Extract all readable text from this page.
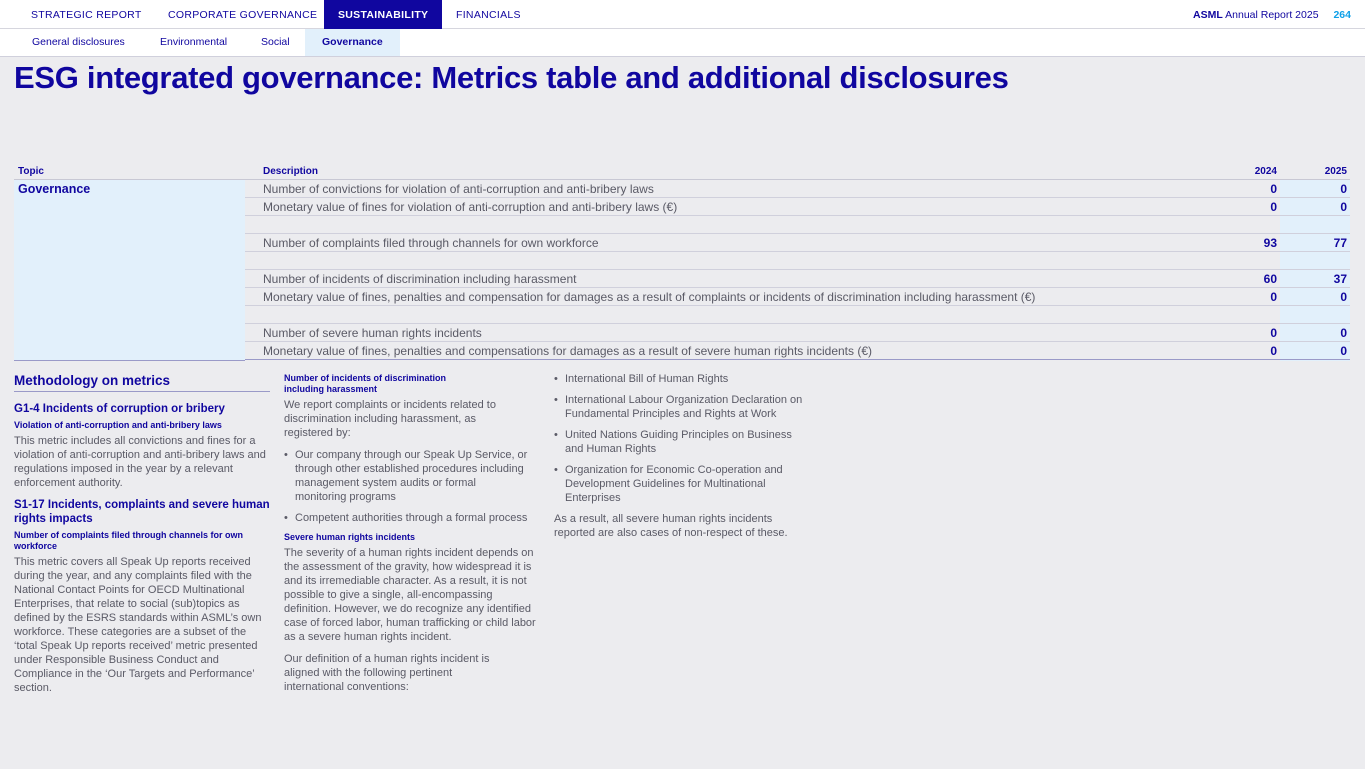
STRATEGIC REPORT	CORPORATE GOVERNANCE	SUSTAINABILITY	FINANCIALS	ASML Annual Report 2025 264
General disclosures	Environmental	Social	Governance
ESG integrated governance: Metrics table and additional disclosures
Topic	Description	2024	2025
Governance	Number of convictions for violation of anti-corruption and anti-bribery laws	0	0
Monetary value of fines for violation of anti-corruption and anti-bribery laws (€)	0	0
Number of complaints filed through channels for own workforce	93	77
Number of incidents of discrimination including harassment	60	37
Monetary value of fines, penalties and compensation for damages as a result of complaints or incidents of discrimination including harassment (€)	0	0
Number of severe human rights incidents	0	0
Monetary value of fines, penalties and compensations for damages as a result of severe human rights incidents (€)	0	0
Methodology on metrics
G1-4 Incidents of corruption or bribery
Violation of anti-corruption and anti-bribery laws
This metric includes all convictions and fines for a violation of anti-corruption and anti-bribery laws and regulations imposed in the year by a relevant enforcement authority.
S1-17 Incidents, complaints and severe human rights impacts
Number of complaints filed through channels for own workforce
This metric covers all Speak Up reports received during the year, and any complaints filed with the National Contact Points for OECD Multinational Enterprises, that relate to social (sub)topics as defined by the ESRS standards within ASML’s own workforce. These categories are a subset of the ‘total Speak Up reports received’ metric presented under Responsible Business Conduct and Compliance in the ‘Our Targets and Performance’ section.
Number of incidents of discrimination including harassment
We report complaints or incidents related to discrimination including harassment, as registered by:
• Our company through our Speak Up Service, or through other established procedures including management system audits or formal monitoring programs
• Competent authorities through a formal process
Severe human rights incidents
The severity of a human rights incident depends on the assessment of the gravity, how widespread it is and its irremediable character. As a result, it is not possible to give a single, all-encompassing definition. However, we do recognize any identified case of forced labor, human trafficking or child labor as a severe human rights incident.
Our definition of a human rights incident is aligned with the following pertinent international conventions:
• International Bill of Human Rights
• International Labour Organization Declaration on Fundamental Principles and Rights at Work
• United Nations Guiding Principles on Business and Human Rights
• Organization for Economic Co-operation and Development Guidelines for Multinational Enterprises
As a result, all severe human rights incidents reported are also cases of non-respect of these.
